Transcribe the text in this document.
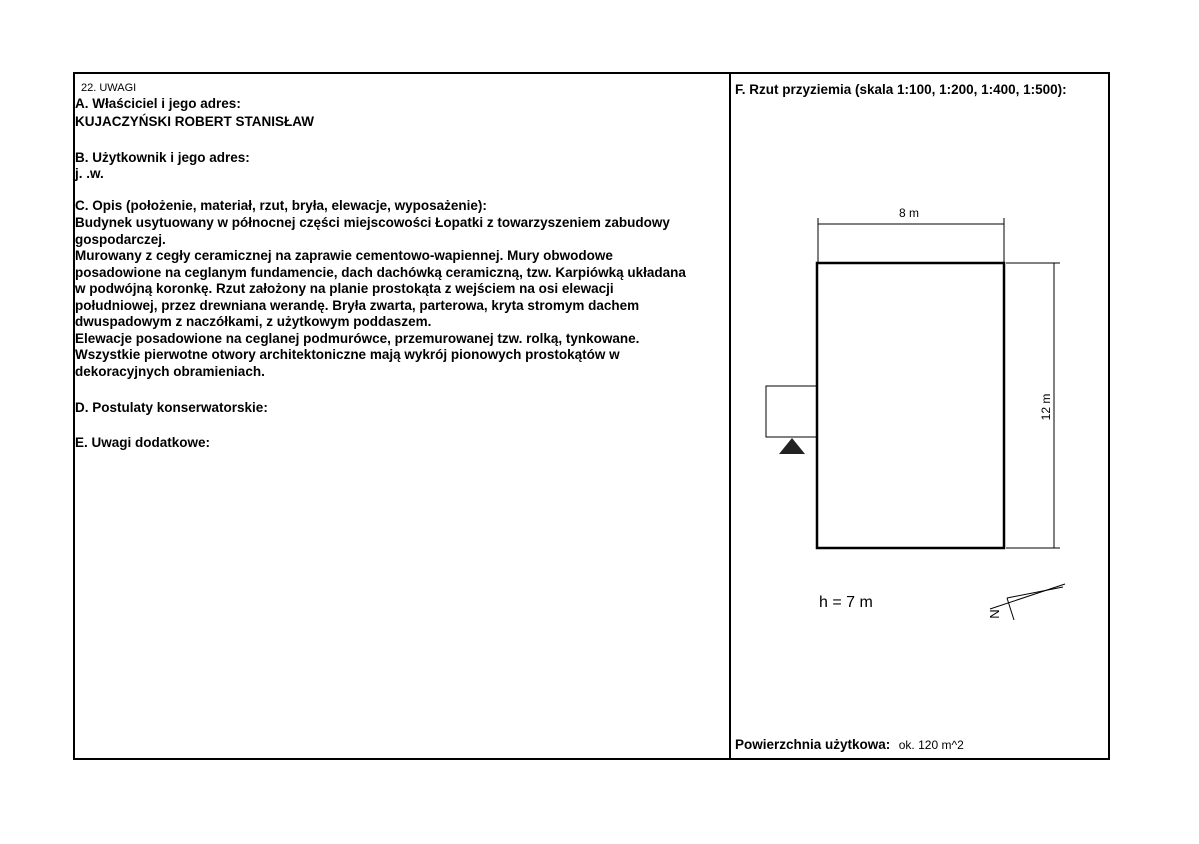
22. UWAGI
A. Właściciel i jego adres:
KUJACZYŃSKI ROBERT STANISŁAW
B. Użytkownik i jego adres:
j. .w.
C. Opis (położenie, materiał, rzut, bryła, elewacje, wyposażenie):
Budynek usytuowany w północnej części miejscowości Łopatki z towarzyszeniem zabudowy
gospodarczej.
Murowany z cegły ceramicznej na zaprawie cementowo-wapiennej. Mury obwodowe
posadowione na ceglanym fundamencie, dach dachówką ceramiczną, tzw. Karpiówką układana
w podwójną koronkę. Rzut założony na planie prostokąta z wejściem na osi elewacji
południowej, przez drewniana werandę. Bryła zwarta, parterowa, kryta stromym dachem
dwuspadowym z naczółkami, z użytkowym poddaszem.
Elewacje posadowione na ceglanej podmurówce, przemurowanej tzw. rolką, tynkowane.
Wszystkie pierwotne otwory architektoniczne mają wykrój pionowych prostokątów w
dekoracyjnych obramieniach.
D. Postulaty konserwatorskie:
E. Uwagi dodatkowe:
F. Rzut przyziemia (skala 1:100, 1:200, 1:400, 1:500):
8 m
12 m
h = 7 m
N
Powierzchnia użytkowa: ok. 120 m^2
